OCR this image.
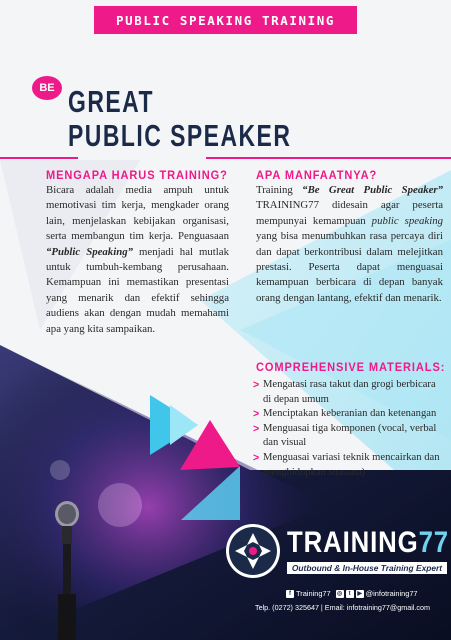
PUBLIC SPEAKING TRAINING
BE GREAT
PUBLIC SPEAKER
MENGAPA HARUS TRAINING?
Bicara adalah media ampuh untuk memotivasi tim kerja, mengkader orang lain, menjelaskan kebijakan organisasi, serta membangun tim kerja. Penguasaan “Public Speaking” menjadi hal mutlak untuk tumbuh-kembang perusahaan. Kemampuan ini memastikan presentasi yang menarik dan efektif sehingga audiens akan dengan mudah memahami apa yang kita sampaikan.
APA MANFAATNYA?
Training “Be Great Public Speaker” TRAINING77 didesain agar peserta mempunyai kemampuan public speaking yang bisa menumbuhkan rasa percaya diri dan dapat berkontribusi dalam melejitkan prestasi. Peserta dapat menguasai kemampuan berbicara di depan banyak orang dengan lantang, efektif dan menarik.
COMPREHENSIVE MATERIALS:
> Mengatasi rasa takut dan grogi berbicara di depan umum
> Menciptakan keberanian dan ketenangan
> Menguasai tiga komponen (vocal, verbal dan visual
> Menguasai variasi teknik mencairkan dan menghidupkan suasana)
TRAINING77
Outbound & In-House Training Expert
f Training77 ◎	t	▶ @infotraining77
Telp. (0272) 325647 | Email: infotraining77@gmail.com
